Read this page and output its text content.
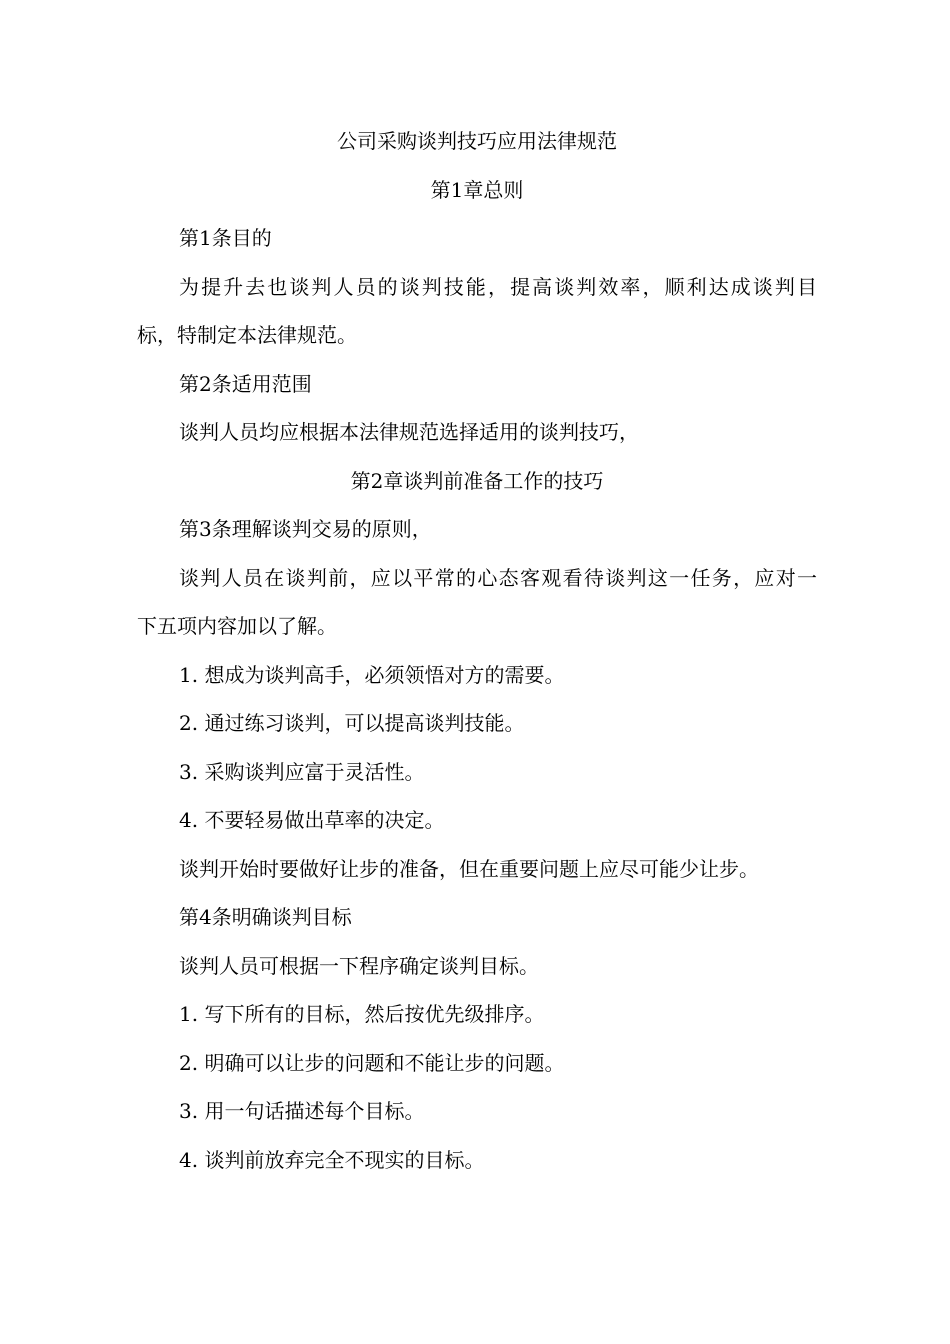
公司采购谈判技巧应用法律规范
第1章总则
第1条目的
为提升去也谈判人员的谈判技能，提高谈判效率，顺利达成谈判目
标，特制定本法律规范。
第2条适用范围
谈判人员均应根据本法律规范选择适用的谈判技巧，
第2章谈判前准备工作的技巧
第3条理解谈判交易的原则，
谈判人员在谈判前，应以平常的心态客观看待谈判这一任务，应对一
下五项内容加以了解。
1. 想成为谈判高手，必须领悟对方的需要。
2. 通过练习谈判，可以提高谈判技能。
3. 采购谈判应富于灵活性。
4. 不要轻易做出草率的决定。
谈判开始时要做好让步的准备，但在重要问题上应尽可能少让步。
第4条明确谈判目标
谈判人员可根据一下程序确定谈判目标。
1. 写下所有的目标，然后按优先级排序。
2. 明确可以让步的问题和不能让步的问题。
3. 用一句话描述每个目标。
4. 谈判前放弃完全不现实的目标。
